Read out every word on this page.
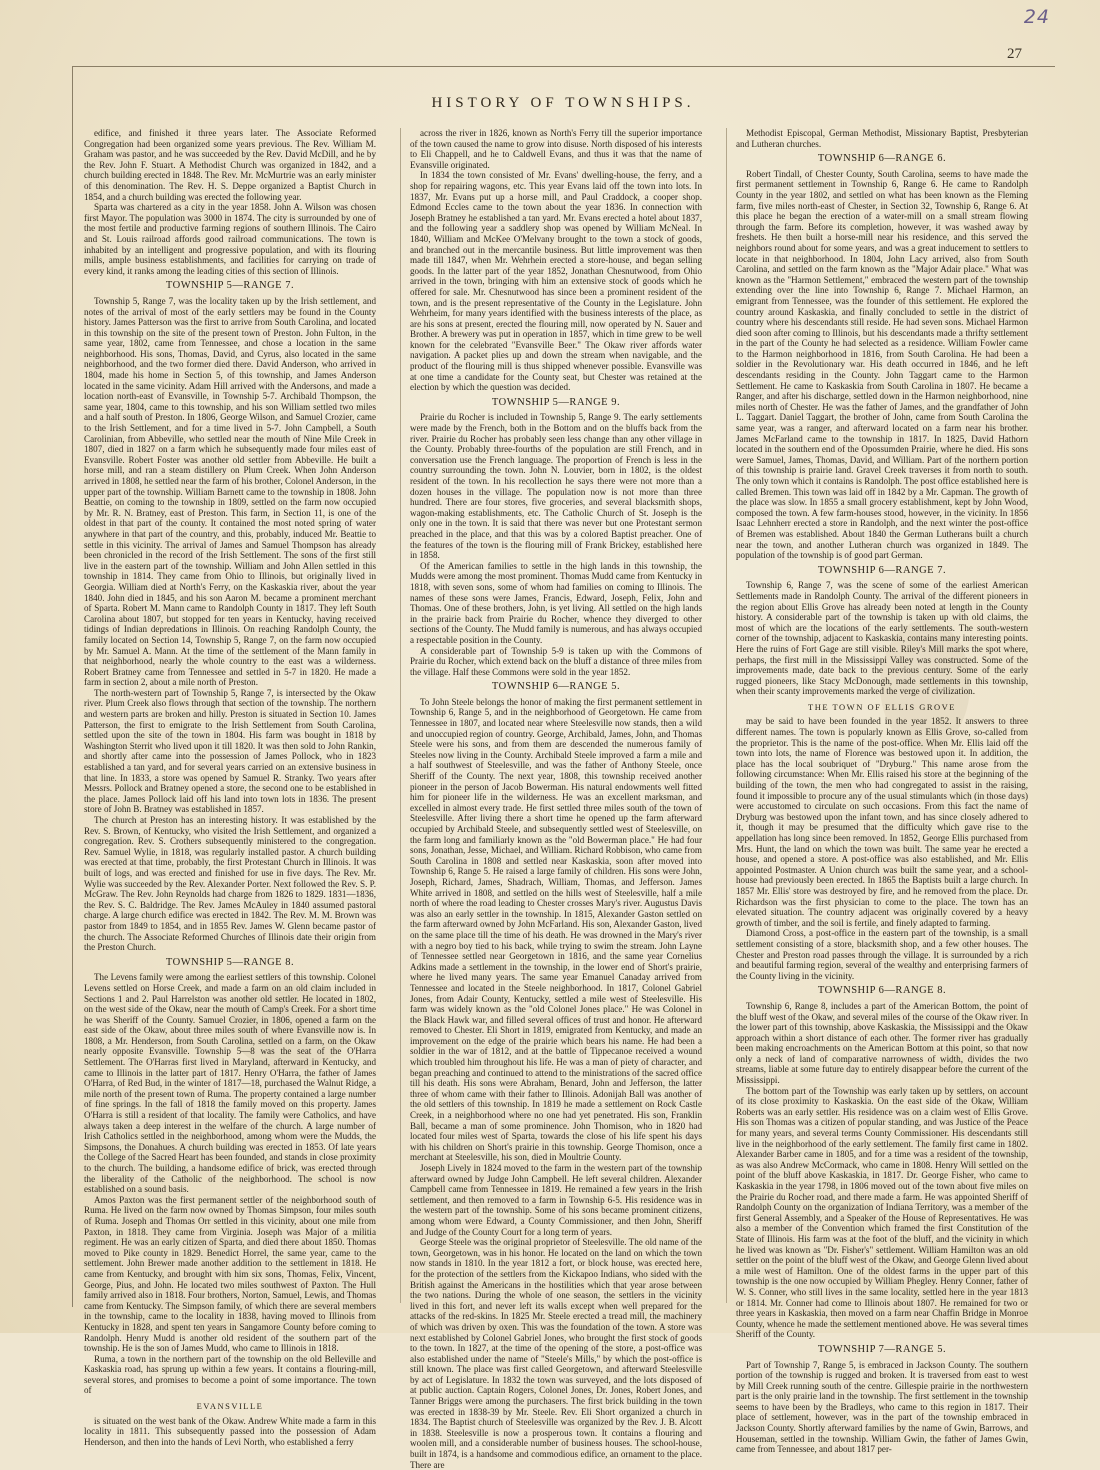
24
27
HISTORY OF TOWNSHIPS.

edifice, and finished it three years later. The Associate Reformed Congregation had been organized some years previous. The Rev. William M. Graham was pastor, and he was succeeded by the Rev. David McDill, and he by the Rev. John F. Stuart. A Methodist Church was organized in 1842, and a church building erected in 1848. The Rev. Mr. McMurtrie was an early minister of this denomination. The Rev. H. S. Deppe organized a Baptist Church in 1854, and a church building was erected the following year.

Sparta was chartered as a city in the year 1858. John A. Wilson was chosen first Mayor. The population was 3000 in 1874. The city is surrounded by one of the most fertile and productive farming regions of southern Illinois. The Cairo and St. Louis railroad affords good railroad communications. The town is inhabited by an intelligent and progressive population, and with its flouring mills, ample business establishments, and facilities for carrying on trade of every kind, it ranks among the leading cities of this section of Illinois.

TOWNSHIP 5—RANGE 7.

Township 5, Range 7, was the locality taken up by the Irish settlement, and notes of the arrival of most of the early settlers may be found in the County history. James Patterson was the first to arrive from South Carolina, and located in this township on the site of the present town of Preston. John Fulton, in the same year, 1802, came from Tennessee, and chose a location in the same neighborhood. His sons, Thomas, David, and Cyrus, also located in the same neighborhood, and the two former died there. David Anderson, who arrived in 1804, made his home in Section 5, of this township, and James Anderson located in the same vicinity. Adam Hill arrived with the Andersons, and made a location north-east of Evansville, in Township 5-7. Archibald Thompson, the same year, 1804, came to this township, and his son William settled two miles and a half south of Preston. In 1806, George Wilson, and Samuel Crozier, came to the Irish Settlement, and for a time lived in 5-7. John Campbell, a South Carolinian, from Abbeville, who settled near the mouth of Nine Mile Creek in 1807, died in 1827 on a farm which he subsequently made four miles east of Evansville. Robert Foster was another old settler from Abbeville. He built a horse mill, and ran a steam distillery on Plum Creek. When John Anderson arrived in 1808, he settled near the farm of his brother, Colonel Anderson, in the upper part of the township. William Barnett came to the township in 1808. John Beattie, on coming to the township in 1809, settled on the farm now occupied by Mr. R. N. Bratney, east of Preston. This farm, in Section 11, is one of the oldest in that part of the county. It contained the most noted spring of water anywhere in that part of the country, and this, probably, induced Mr. Beattie to settle in this vicinity. The arrival of James and Samuel Thompson has already been chronicled in the record of the Irish Settlement. The sons of the first still live in the eastern part of the township. William and John Allen settled in this township in 1814. They came from Ohio to Illinois, but originally lived in Georgia. William died at North's Ferry, on the Kaskaskia river, about the year 1840. John died in 1845, and his son Aaron M. became a prominent merchant of Sparta. Robert M. Mann came to Randolph County in 1817. They left South Carolina about 1807, but stopped for ten years in Kentucky, having received tidings of Indian depredations in Illinois. On reaching Randolph County, the family located on Section 14, Township 5, Range 7, on the farm now occupied by Mr. Samuel A. Mann. At the time of the settlement of the Mann family in that neighborhood, nearly the whole country to the east was a wilderness. Robert Bratney came from Tennessee and settled in 5-7 in 1820. He made a farm in section 2, about a mile north of Preston.

The north-western part of Township 5, Range 7, is intersected by the Okaw river. Plum Creek also flows through that section of the township. The northern and western parts are broken and hilly. Preston is situated in Section 10. James Patterson, the first to emigrate to the Irish Settlement from South Carolina, settled upon the site of the town in 1804. His farm was bought in 1818 by Washington Sterrit who lived upon it till 1820. It was then sold to John Rankin, and shortly after came into the possession of James Pollock, who in 1823 established a tan yard, and for several years carried on an extensive business in that line. In 1833, a store was opened by Samuel R. Stranky. Two years after Messrs. Pollock and Bratney opened a store, the second one to be established in the place. James Pollock laid off his land into town lots in 1836. The present store of John B. Bratney was established in 1857.

The church at Preston has an interesting history. It was established by the Rev. S. Brown, of Kentucky, who visited the Irish Settlement, and organized a congregation. Rev. S. Crothers subsequently ministered to the congregation. Rev. Samuel Wylie, in 1818, was regularly installed pastor. A church building was erected at that time, probably, the first Protestant Church in Illinois. It was built of logs, and was erected and finished for use in five days. The Rev. Mr. Wylie was succeeded by the Rev. Alexander Porter. Next followed the Rev. S. P. McGraw. The Rev. John Reynolds had charge from 1826 to 1829. 1831—1836, the Rev. S. C. Baldridge. The Rev. James McAuley in 1840 assumed pastoral charge. A large church edifice was erected in 1842. The Rev. M. M. Brown was pastor from 1849 to 1854, and in 1855 Rev. James W. Glenn became pastor of the church. The Associate Reformed Churches of Illinois date their origin from the Preston Church.

TOWNSHIP 5—RANGE 8.

The Levens family were among the earliest settlers of this township. Colonel Levens settled on Horse Creek, and made a farm on an old claim included in Sections 1 and 2. Paul Harrelston was another old settler. He located in 1802, on the west side of the Okaw, near the mouth of Camp's Creek. For a short time he was Sheriff of the County. Samuel Crozier, in 1806, opened a farm on the east side of the Okaw, about three miles south of where Evansville now is. In 1808, a Mr. Henderson, from South Carolina, settled on a farm, on the Okaw nearly opposite Evansville. Township 5—8 was the seat of the O'Harra Settlement. The O'Harras first lived in Maryland, afterward in Kentucky, and came to Illinois in the latter part of 1817. Henry O'Harra, the father of James O'Harra, of Red Bud, in the winter of 1817—18, purchased the Walnut Ridge, a mile north of the present town of Ruma. The property contained a large number of fine springs. In the fall of 1818 the family moved on this property. James O'Harra is still a resident of that locality. The family were Catholics, and have always taken a deep interest in the welfare of the church. A large number of Irish Catholics settled in the neighborhood, among whom were the Mudds, the Simpsons, the Donahues. A church building was erected in 1853. Of late years the College of the Sacred Heart has been founded, and stands in close proximity to the church. The building, a handsome edifice of brick, was erected through the liberality of the Catholic of the neighborhood. The school is now established on a sound basis.

Amos Paxton was the first permanent settler of the neighborhood south of Ruma. He lived on the farm now owned by Thomas Simpson, four miles south of Ruma. Joseph and Thomas Orr settled in this vicinity, about one mile from Paxton, in 1818. They came from Virginia. Joseph was Major of a militia regiment. He was an early citizen of Sparta, and died there about 1850. Thomas moved to Pike county in 1829. Benedict Horrel, the same year, came to the settlement. John Brewer made another addition to the settlement in 1818. He came from Kentucky, and brought with him six sons, Thomas, Felix, Vincent, George, Pius, and John. He located two miles southwest of Paxton. The Hull family arrived also in 1818. Four brothers, Norton, Samuel, Lewis, and Thomas came from Kentucky. The Simpson family, of which there are several members in the township, came to the locality in 1838, having moved to Illinois from Kentucky in 1828, and spent ten years in Sangamore County before coming to Randolph. Henry Mudd is another old resident of the southern part of the township. He is the son of James Mudd, who came to Illinois in 1818.

Ruma, a town in the northern part of the township on the old Belleville and Kaskaskia road, has sprung up within a few years. It contains a flouring-mill, several stores, and promises to become a point of some importance. The town of

EVANSVILLE

is situated on the west bank of the Okaw. Andrew White made a farm in this locality in 1811. This subsequently passed into the possession of Adam Henderson, and then into the hands of Levi North, who established a ferry

across the river in 1826, known as North's Ferry till the superior importance of the town caused the name to grow into disuse. North disposed of his interests to Eli Chappell, and he to Caldwell Evans, and thus it was that the name of Evansville originated.

In 1834 the town consisted of Mr. Evans' dwelling-house, the ferry, and a shop for repairing wagons, etc. This year Evans laid off the town into lots. In 1837, Mr. Evans put up a horse mill, and Paul Craddock, a cooper shop. Edmond Eccles came to the town about the year 1836. In connection with Joseph Bratney he established a tan yard. Mr. Evans erected a hotel about 1837, and the following year a saddlery shop was opened by William McNeal. In 1840, William and McKee O'Melvany brought to the town a stock of goods, and branched out in the mercantile business. But little improvement was then made till 1847, when Mr. Wehrhein erected a store-house, and began selling goods. In the latter part of the year 1852, Jonathan Chesnutwood, from Ohio arrived in the town, bringing with him an extensive stock of goods which he offered for sale. Mr. Chesnutwood has since been a prominent resident of the town, and is the present representative of the County in the Legislature. John Wehrheim, for many years identified with the business interests of the place, as are his sons at present, erected the flouring mill, now operated by N. Sauer and Brother. A brewery was put in operation in 1857, which in time grew to be well known for the celebrated "Evansville Beer." The Okaw river affords water navigation. A packet plies up and down the stream when navigable, and the product of the flouring mill is thus shipped whenever possible. Evansville was at one time a candidate for the County seat, but Chester was retained at the election by which the question was decided.

TOWNSHIP 5—RANGE 9.

Prairie du Rocher is included in Township 5, Range 9. The early settlements were made by the French, both in the Bottom and on the bluffs back from the river. Prairie du Rocher has probably seen less change than any other village in the County. Probably three-fourths of the population are still French, and in conversation use the French language. The proportion of French is less in the country surrounding the town. John N. Louvier, born in 1802, is the oldest resident of the town. In his recollection he says there were not more than a dozen houses in the village. The population now is not more than three hundred. There are four stores, five groceries, and several blacksmith shops, wagon-making establishments, etc. The Catholic Church of St. Joseph is the only one in the town. It is said that there was never but one Protestant sermon preached in the place, and that this was by a colored Baptist preacher. One of the features of the town is the flouring mill of Frank Brickey, established here in 1858.

Of the American families to settle in the high lands in this township, the Mudds were among the most prominent. Thomas Mudd came from Kentucky in 1818, with seven sons, some of whom had families on coming to Illinois. The names of these sons were James, Francis, Edward, Joseph, Felix, John and Thomas. One of these brothers, John, is yet living. All settled on the high lands in the prairie back from Prairie du Rocher, whence they diverged to other sections of the County. The Mudd family is numerous, and has always occupied a respectable position in the County.

A considerable part of Township 5-9 is taken up with the Commons of Prairie du Rocher, which extend back on the bluff a distance of three miles from the village. Half these Commons were sold in the year 1852.

TOWNSHIP 6—RANGE 5.

To John Steele belongs the honor of making the first permanent settlement in Township 6, Range 5, and in the neighborhood of Georgetown. He came from Tennessee in 1807, and located near where Steelesville now stands, then a wild and unoccupied region of country. George, Archibald, James, John, and Thomas Steele were his sons, and from them are descended the numerous family of Steeles now living in the County. Archibald Steele improved a farm a mile and a half southwest of Steelesville, and was the father of Anthony Steele, once Sheriff of the County. The next year, 1808, this township received another pioneer in the person of Jacob Bowerman. His natural endowments well fitted him for pioneer life in the wilderness. He was an excellent marksman, and excelled in almost every trade. He first settled three miles south of the town of Steelesville. After living there a short time he opened up the farm afterward occupied by Archibald Steele, and subsequently settled west of Steelesville, on the farm long and familiarly known as the "old Bowerman place." He had four sons, Jonathan, Jesse, Michael, and William. Richard Robbison, who came from South Carolina in 1808 and settled near Kaskaskia, soon after moved into Township 6, Range 5. He raised a large family of children. His sons were John, Joseph, Richard, James, Shadrach, William, Thomas, and Jefferson. James White arrived in 1808, and settled on the hills west of Steelesville, half a mile north of where the road leading to Chester crosses Mary's river. Augustus Davis was also an early settler in the township. In 1815, Alexander Gaston settled on the farm afterward owned by John McFarland. His son, Alexander Gaston, lived on the same place till the time of his death. He was drowned in the Mary's river with a negro boy tied to his back, while trying to swim the stream. John Layne of Tennessee settled near Georgetown in 1816, and the same year Cornelius Adkins made a settlement in the township, in the lower end of Short's prairie, where he lived many years. The same year Emanuel Canaday arrived from Tennessee and located in the Steele neighborhood. In 1817, Colonel Gabriel Jones, from Adair County, Kentucky, settled a mile west of Steelesville. His farm was widely known as the "old Colonel Jones place." He was Colonel in the Black Hawk war, and filled several offices of trust and honor. He afterward removed to Chester. Eli Short in 1819, emigrated from Kentucky, and made an improvement on the edge of the prairie which bears his name. He had been a soldier in the war of 1812, and at the battle of Tippecanoe received a wound which troubled him throughout his life. He was a man of piety of character, and began preaching and continued to attend to the ministrations of the sacred office till his death. His sons were Abraham, Benard, John and Jefferson, the latter three of whom came with their father to Illinois. Adonijah Ball was another of the old settlers of this township. In 1819 he made a settlement on Rock Castle Creek, in a neighborhood where no one had yet penetrated. His son, Franklin Ball, became a man of some prominence. John Thomison, who in 1820 had located four miles west of Sparta, towards the close of his life spent his days with his children on Short's prairie in this township. George Thomison, once a merchant at Steelesville, his son, died in Moultrie County.

Joseph Lively in 1824 moved to the farm in the western part of the township afterward owned by Judge John Campbell. He left several children. Alexander Campbell came from Tennessee in 1819. He remained a few years in the Irish settlement, and then removed to a farm in Township 6-5. His residence was in the western part of the township. Some of his sons became prominent citizens, among whom were Edward, a County Commissioner, and then John, Sheriff and Judge of the County Court for a long term of years.

George Steele was the original proprietor of Steelesville. The old name of the town, Georgetown, was in his honor. He located on the land on which the town now stands in 1810. In the year 1812 a fort, or block house, was erected here, for the protection of the settlers from the Kickapoo Indians, who sided with the British against the Americans in the hostilities which that year arose between the two nations. During the whole of one season, the settlers in the vicinity lived in this fort, and never left its walls except when well prepared for the attacks of the red-skins. In 1825 Mr. Steele erected a tread mill, the machinery of which was driven by oxen. This was the foundation of the town. A store was next established by Colonel Gabriel Jones, who brought the first stock of goods to the town. In 1827, at the time of the opening of the store, a post-office was also established under the name of "Steele's Mills," by which the post-office is still known. The place was first called Georgetown, and afterward Steelesville by act of Legislature. In 1832 the town was surveyed, and the lots disposed of at public auction. Captain Rogers, Colonel Jones, Dr. Jones, Robert Jones, and Tanner Briggs were among the purchasers. The first brick building in the town was erected in 1838-39 by Mr. Steele. Rev. Eli Short organized a church in 1834. The Baptist church of Steelesville was organized by the Rev. J. B. Alcott in 1838. Steelesville is now a prosperous town. It contains a flouring and woolen mill, and a considerable number of business houses. The school-house, built in 1874, is a handsome and commodious edifice, an ornament to the place. There are

Methodist Episcopal, German Methodist, Missionary Baptist, Presbyterian and Lutheran churches.

TOWNSHIP 6—RANGE 6.

Robert Tindall, of Chester County, South Carolina, seems to have made the first permanent settlement in Township 6, Range 6. He came to Randolph County in the year 1802, and settled on what has been known as the Fleming farm, five miles north-east of Chester, in Section 32, Township 6, Range 6. At this place he began the erection of a water-mill on a small stream flowing through the farm. Before its completion, however, it was washed away by freshets. He then built a horse-mill near his residence, and this served the neighbors round about for some years, and was a great inducement to settlers to locate in that neighborhood. In 1804, John Lacy arrived, also from South Carolina, and settled on the farm known as the "Major Adair place." What was known as the "Harmon Settlement," embraced the western part of the township extending over the line into Township 6, Range 7. Michael Harmon, an emigrant from Tennessee, was the founder of this settlement. He explored the country around Kaskaskia, and finally concluded to settle in the district of country where his descendants still reside. He had seven sons. Michael Harmon died soon after coming to Illinois, but his descendants made a thrifty settlement in the part of the County he had selected as a residence. William Fowler came to the Harmon neighborhood in 1816, from South Carolina. He had been a soldier in the Revolutionary war. His death occurred in 1846, and he left descendants residing in the County. John Taggart came to the Harmon Settlement. He came to Kaskaskia from South Carolina in 1807. He became a Ranger, and after his discharge, settled down in the Harmon neighborhood, nine miles north of Chester. He was the father of James, and the grandfather of John L. Taggart. Daniel Taggart, the brother of John, came from South Carolina the same year, was a ranger, and afterward located on a farm near his brother. James McFarland came to the township in 1817. In 1825, David Hathorn located in the southern end of the Opossumden Prairie, where he died. His sons were Samuel, James, Thomas, David, and William. Part of the northern portion of this township is prairie land. Gravel Creek traverses it from north to south. The only town which it contains is Randolph. The post office established here is called Bremen. This town was laid off in 1842 by a Mr. Capman. The growth of the place was slow. In 1855 a small grocery establishment, kept by John Wood, composed the town. A few farm-houses stood, however, in the vicinity. In 1856 Isaac Lehnherr erected a store in Randolph, and the next winter the post-office of Bremen was established. About 1840 the German Lutherans built a church near the town, and another Lutheran church was organized in 1849. The population of the township is of good part German.

TOWNSHIP 6—RANGE 7.

Township 6, Range 7, was the scene of some of the earliest American Settlements made in Randolph County. The arrival of the different pioneers in the region about Ellis Grove has already been noted at length in the County history. A considerable part of the township is taken up with old claims, the most of which are the locations of the early settlements. The south-western corner of the township, adjacent to Kaskaskia, contains many interesting points. Here the ruins of Fort Gage are still visible. Riley's Mill marks the spot where, perhaps, the first mill in the Mississippi Valley was constructed. Some of the improvements made, date back to the previous century. Some of the early rugged pioneers, like Stacy McDonough, made settlements in this township, when their scanty improvements marked the verge of civilization.

THE TOWN OF ELLIS GROVE

may be said to have been founded in the year 1852. It answers to three different names. The town is popularly known as Ellis Grove, so-called from the proprietor. This is the name of the post-office. When Mr. Ellis laid off the town into lots, the name of Florence was bestowed upon it. In addition, the place has the local soubriquet of "Dryburg." This name arose from the following circumstance: When Mr. Ellis raised his store at the beginning of the building of the town, the men who had congregated to assist in the raising, found it impossible to procure any of the usual stimulants which (in those days) were accustomed to circulate on such occasions. From this fact the name of Dryburg was bestowed upon the infant town, and has since closely adhered to it, though it may be presumed that the difficulty which gave rise to the appellation has long since been removed. In 1852, George Ellis purchased from Mrs. Hunt, the land on which the town was built. The same year he erected a house, and opened a store. A post-office was also established, and Mr. Ellis appointed Postmaster. A Union church was built the same year, and a school-house had previously been erected. In 1865 the Baptists built a large church. In 1857 Mr. Ellis' store was destroyed by fire, and he removed from the place. Dr. Richardson was the first physician to come to the place. The town has an elevated situation. The country adjacent was originally covered by a heavy growth of timber, and the soil is fertile, and finely adapted to farming.

Diamond Cross, a post-office in the eastern part of the township, is a small settlement consisting of a store, blacksmith shop, and a few other houses. The Chester and Preston road passes through the village. It is surrounded by a rich and beautiful farming region, several of the wealthy and enterprising farmers of the County living in the vicinity.

TOWNSHIP 6—RANGE 8.

Township 6, Range 8, includes a part of the American Bottom, the point of the bluff west of the Okaw, and several miles of the course of the Okaw river. In the lower part of this township, above Kaskaskia, the Mississippi and the Okaw approach within a short distance of each other. The former river has gradually been making encroachments on the American Bottom at this point, so that now only a neck of land of comparative narrowness of width, divides the two streams, liable at some future day to entirely disappear before the current of the Mississippi.

The bottom part of the Township was early taken up by settlers, on account of its close proximity to Kaskaskia. On the east side of the Okaw, William Roberts was an early settler. His residence was on a claim west of Ellis Grove. His son Thomas was a citizen of popular standing, and was Justice of the Peace for many years, and several terms County Commissioner. His descendants still live in the neighborhood of the early settlement. The family first came in 1802. Alexander Barber came in 1805, and for a time was a resident of the township, as was also Andrew McCormack, who came in 1808. Henry Will settled on the point of the bluff above Kaskaskia, in 1817. Dr. George Fisher, who came to Kaskaskia in the year 1798, in 1806 moved out of the town about five miles on the Prairie du Rocher road, and there made a farm. He was appointed Sheriff of Randolph County on the organization of Indiana Territory, was a member of the first General Assembly, and a Speaker of the House of Representatives. He was also a member of the Convention which framed the first Constitution of the State of Illinois. His farm was at the foot of the bluff, and the vicinity in which he lived was known as "Dr. Fisher's" settlement. William Hamilton was an old settler on the point of the bluff west of the Okaw, and George Glenn lived about a mile west of Hamilton. One of the oldest farms in the upper part of this township is the one now occupied by William Phegley. Henry Conner, father of W. S. Conner, who still lives in the same locality, settled here in the year 1813 or 1814. Mr. Conner had come to Illinois about 1807. He remained for two or three years in Kaskaskia, then moved on a farm near Chaffin Bridge in Monroe County, whence he made the settlement mentioned above. He was several times Sheriff of the County.

TOWNSHIP 7—RANGE 5.

Part of Township 7, Range 5, is embraced in Jackson County. The southern portion of the township is rugged and broken. It is traversed from east to west by Mill Creek running south of the centre. Gillespie prairie in the northwestern part is the only prairie land in the township. The first settlement in the township seems to have been by the Bradleys, who came to this region in 1817. Their place of settlement, however, was in the part of the township embraced in Jackson County. Shortly afterward families by the name of Gwin, Barrows, and Houseman, settled in the township. William Gwin, the father of James Gwin, came from Tennessee, and about 1817 per-
